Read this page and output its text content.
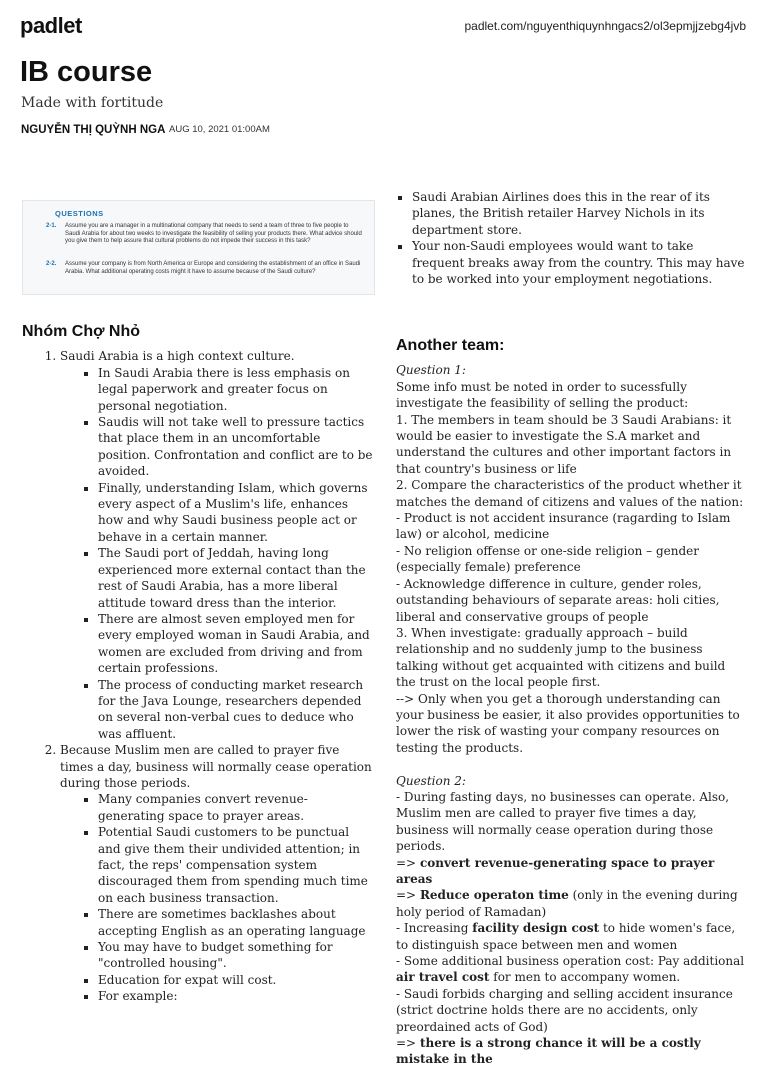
padlet	padlet.com/nguyenthiquynhngacs2/ol3epmjjzebg4jvb
IB course
Made with fortitude
NGUYỄN THỊ QUỲNH NGA AUG 10, 2021 01:00AM
QUESTIONS
2-1.	Assume you are a manager in a multinational company that needs to send a team of three to five people to Saudi Arabia for about two weeks to investigate the feasibility of selling your products there. What advice should you give them to help assure that cultural problems do not impede their success in this task?
2-2.	Assume your company is from North America or Europe and considering the establishment of an office in Saudi Arabia. What additional operating costs might it have to assume because of the Saudi culture?
Nhóm Chợ Nhỏ
1. Saudi Arabia is a high context culture.
▪ In Saudi Arabia there is less emphasis on legal paperwork and greater focus on personal negotiation.
▪ Saudis will not take well to pressure tactics that place them in an uncomfortable position. Confrontation and conflict are to be avoided.
▪ Finally, understanding Islam, which governs every aspect of a Muslim's life, enhances how and why Saudi business people act or behave in a certain manner.
▪ The Saudi port of Jeddah, having long experienced more external contact than the rest of Saudi Arabia, has a more liberal attitude toward dress than the interior.
▪ There are almost seven employed men for every employed woman in Saudi Arabia, and women are excluded from driving and from certain professions.
▪ The process of conducting market research for the Java Lounge, researchers depended on several non-verbal cues to deduce who was affluent.
2. Because Muslim men are called to prayer five times a day, business will normally cease operation during those periods.
▪ Many companies convert revenue-generating space to prayer areas.
▪ Potential Saudi customers to be punctual and give them their undivided attention; in fact, the reps' compensation system discouraged them from spending much time on each business transaction.
▪ There are sometimes backlashes about accepting English as an operating language
▪ You may have to budget something for "controlled housing".
▪ Education for expat will cost.
▪ For example:
▪ Saudi Arabian Airlines does this in the rear of its planes, the British retailer Harvey Nichols in its department store.
▪ Your non-Saudi employees would want to take frequent breaks away from the country. This may have to be worked into your employment negotiations.
Another team:

Question 1:

Some info must be noted in order to sucessfully investigate the feasibility of selling the product:

1. The members in team should be 3 Saudi Arabians: it would be easier to investigate the S.A market and understand the cultures and other important factors in that country's business or life

2. Compare the characteristics of the product whether it matches the demand of citizens and values of the nation:

- Product is not accident insurance (ragarding to Islam law) or alcohol, medicine

- No religion offense or one-side religion – gender (especially female) preference

- Acknowledge difference in culture, gender roles, outstanding behaviours of separate areas: holi cities, liberal and conservative groups of people

3. When investigate: gradually approach – build relationship and no suddenly jump to the business talking without get acquainted with citizens and build the trust on the local people first.

--> Only when you get a thorough understanding can your business be easier, it also provides opportunities to lower the risk of wasting your company resources on testing the products.

Question 2:

- During fasting days, no businesses can operate. Also, Muslim men are called to prayer five times a day, business will normally cease operation during those periods.

=> convert revenue-generating space to prayer areas

=> Reduce operaton time (only in the evening during holy period of Ramadan)

- Increasing facility design cost to hide women's face, to distinguish space between men and women

- Some additional business operation cost: Pay additional air travel cost for men to accompany women.

- Saudi forbids charging and selling accident insurance (strict doctrine holds there are no accidents, only preordained acts of God)

=> there is a strong chance it will be a costly mistake in the
